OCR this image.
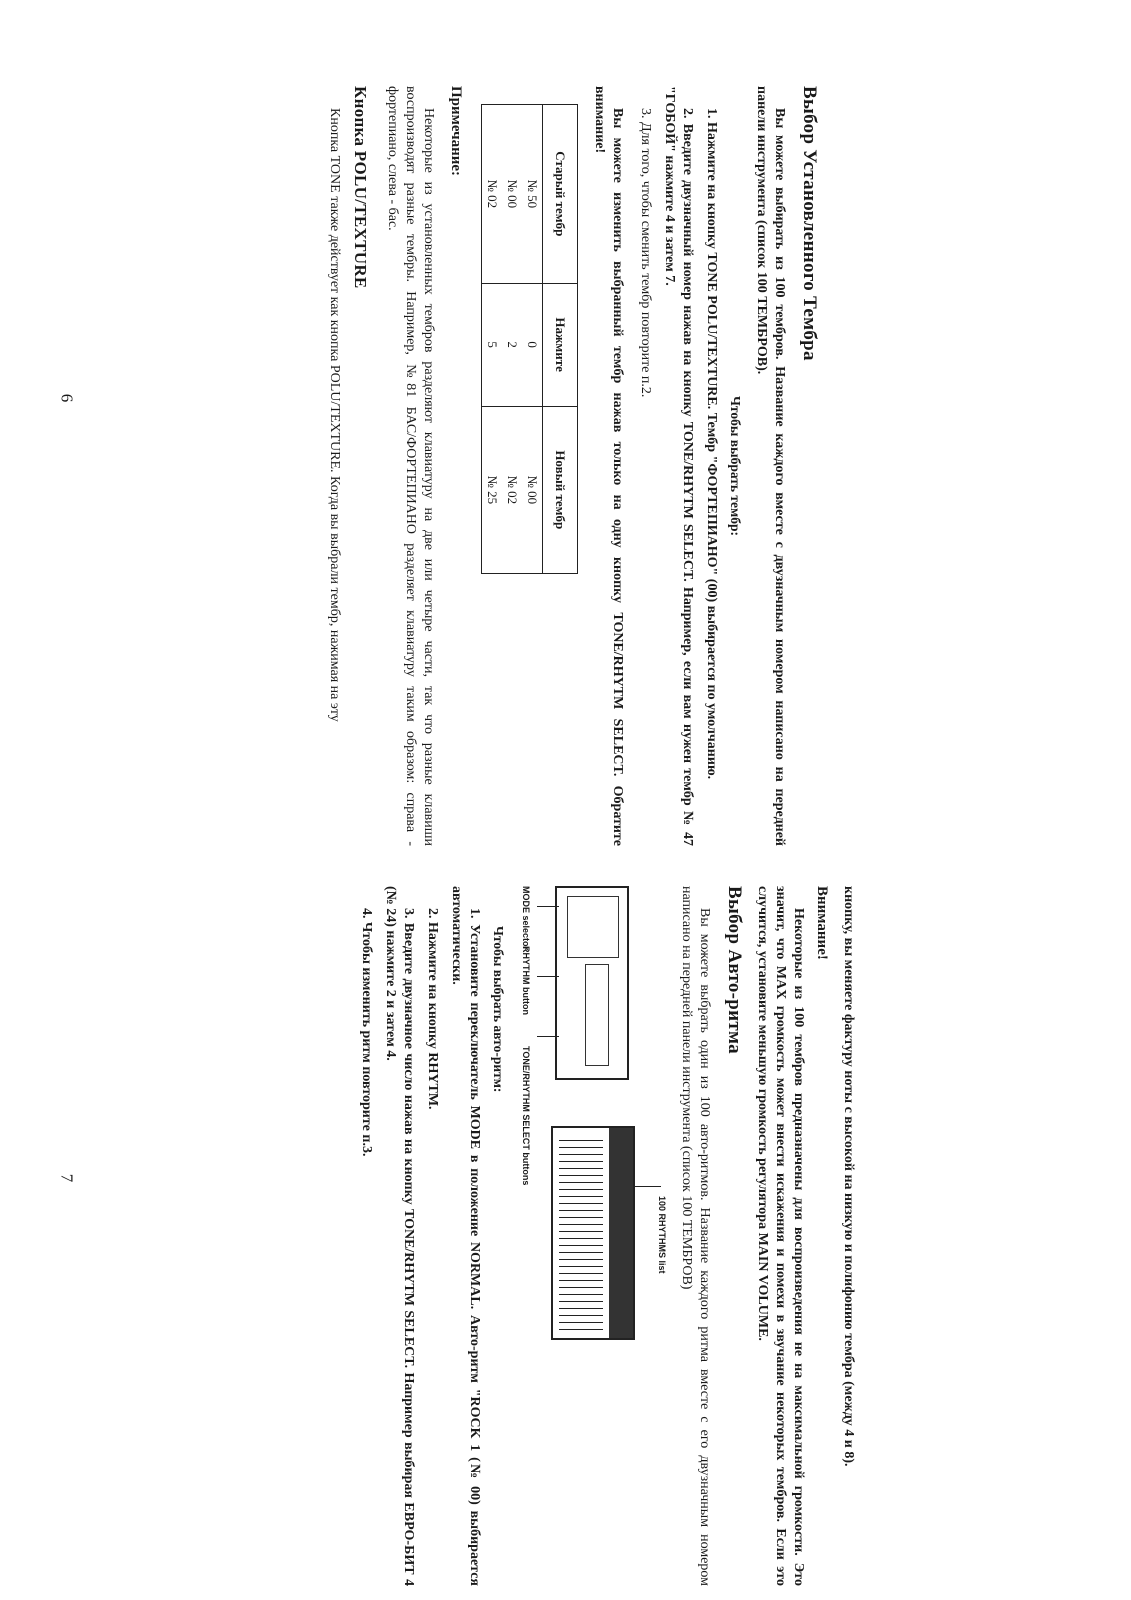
Выбор Установленного Тембра

Вы можете выбирать из 100 тембров. Название каждого вместе с двузначным номером написано на передней панели инструмента (список 100 ТЕМБРОВ).

Чтобы выбрать тембр:

1. Нажмите на кнопку TONE POLU/TEXTURE. Тембр "ФОРТЕПИАНО" (00) выбирается по умолчанию.

2. Введите двузначный номер нажав на кнопку TONE/RHYTM SELECT. Например, если вам нужен тембр № 47 "ГОБОЙ" нажмите 4 и затем 7.

3. Для того, чтобы сменить тембр повторите п.2.

Вы можете изменить выбранный тембр нажав только на одну кнопку TONE/RHYTM SELECT. Обратите внимание!

Старый тембр	Нажмите	Новый тембр
№ 50	0	№ 00
№ 00	2	№ 02
№ 02	5	№ 25
Примечание:

Некоторые из установленных тембров разделяют клавиатуру на две или четыре части, так что разные клавиши воспроизводят разные тембры. Например, №81 БАС/ФОРТЕПИАНО разделяет клавиатуру таким образом: справа - фортепиано, слева - бас.

Кнопка POLU/TEXTURE

Кнопка TONE также действует как кнопка POLU/TEXTURE. Когда вы выбрали тембр, нажимая на эту

6

кнопку, вы меняете фактуру ноты с высокой на низкую и полифонию тембра (между 4 и 8).

Внимание!

Некоторые из 100 тембров предназначены для воспроизведения не на максимальной громкости. Это значит, что MAX громкость может внести искажения и помехи в звучание некоторых тембров. Если это случится, установите меньшую громкость регулятора MAIN VOLUME.

Выбор Авто-ритма

Вы можете выбрать один из 100 авто-ритмов. Название каждого ритма вместе с его двузначным номером написано на передней панели инструмента (список 100 ТЕМБРОВ)

100 RHYTHMS list
TONE/RHYTHM SELECT buttons
RHYTHM button
MODE selector
Чтобы выбрать авто-ритм:

1. Установите переключатель MODE в положение NORMAL. Авто-ритм "ROCK 1 (№ 00) выбирается автоматически.

2. Нажмите на кнопку RHYTM.

3. Введите двузначное число нажав на кнопку TONE/RHYTM SELECT. Например выбирая ЕВРО-БИТ 4 (№ 24) нажмите 2 и затем 4.

4. Чтобы изменить ритм повторите п.3.

7
